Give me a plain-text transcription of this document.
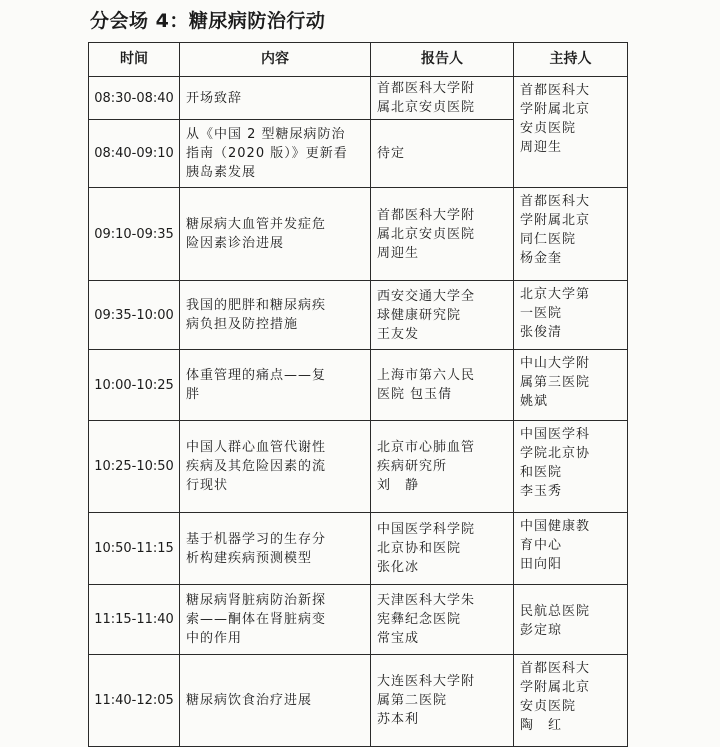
分会场 4：糖尿病防治行动
时间	内容	报告人	主持人
08:30-08:40	开场致辞	首都医科大学附
属北京安贞医院	首都医科大
学附属北京
安贞医院
周迎生

08:40-09:10	从《中国 2 型糖尿病防治
指南（2020 版）》更新看
胰岛素发展	待定	

09:10-09:35	糖尿病大血管并发症危
险因素诊治进展	首都医科大学附
属北京安贞医院
周迎生	首都医科大
学附属北京
同仁医院
杨金奎

09:35-10:00	我国的肥胖和糖尿病疾
病负担及防控措施	西安交通大学全
球健康研究院
王友发	北京大学第
一医院
张俊清

10:00-10:25	体重管理的痛点——复
胖	上海市第六人民
医院 包玉倩	中山大学附
属第三医院
姚斌

10:25-10:50	中国人群心血管代谢性
疾病及其危险因素的流
行现状	北京市心肺血管
疾病研究所
刘　静	中国医学科
学院北京协
和医院
李玉秀

10:50-11:15	基于机器学习的生存分
析构建疾病预测模型	中国医学科学院
北京协和医院
张化冰	中国健康教
育中心
田向阳

11:15-11:40	糖尿病肾脏病防治新探
索——酮体在肾脏病变
中的作用	天津医科大学朱
宪彝纪念医院
常宝成	民航总医院
彭定琼

11:40-12:05	糖尿病饮食治疗进展	大连医科大学附
属第二医院
苏本利	首都医科大
学附属北京
安贞医院
陶　红
